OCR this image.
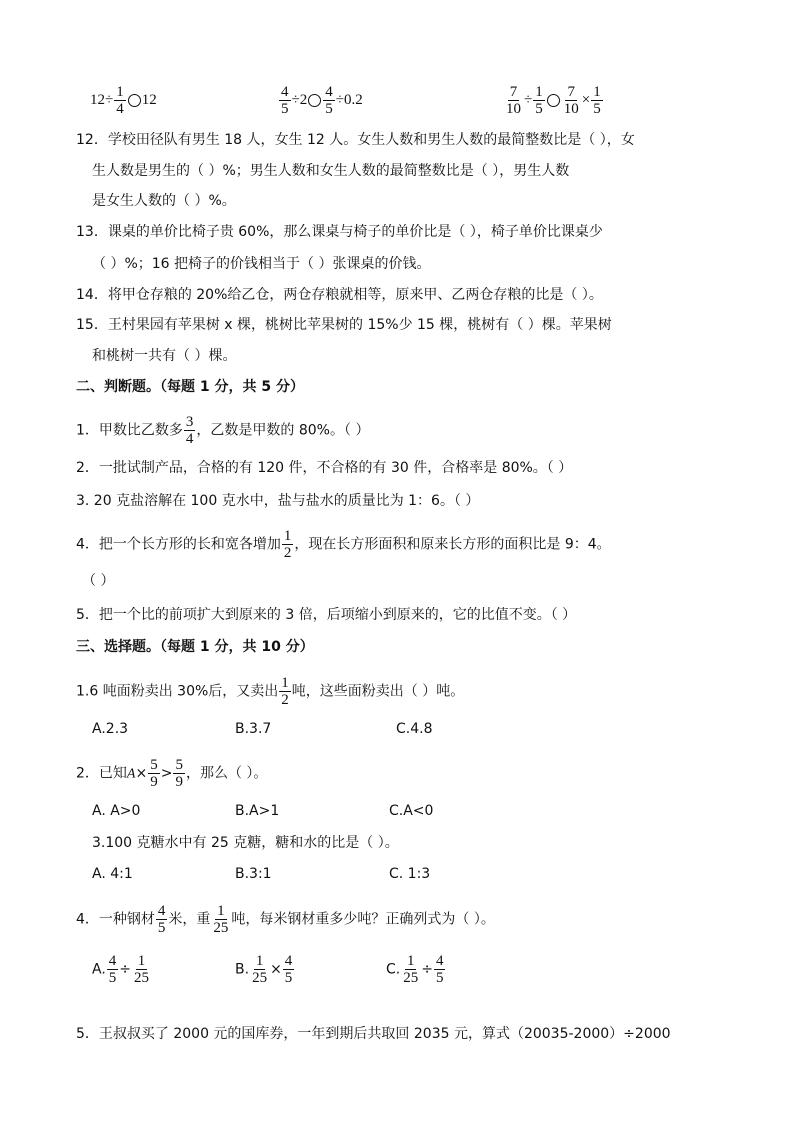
$12\div \frac{1}{4} 12$	$\frac{4}{5} \div 2 \frac{4}{5} \div 0.2$	$\frac{7}{10} \div \frac{1}{5} \frac{7}{10} \times \frac{1}{5}$
12．学校田径队有男生 18 人，女生 12 人。女生人数和男生人数的最简整数比是（ ），女
生人数是男生的（ ）%；男生人数和女生人数的最简整数比是（ ），男生人数
是女生人数的（ ）%。
13．课桌的单价比椅子贵 60%，那么课桌与椅子的单价比是（ ），椅子单价比课桌少
（ ）%；16 把椅子的价钱相当于（ ）张课桌的价钱。
14．将甲仓存粮的 20%给乙仓，两仓存粮就相等，原来甲、乙两仓存粮的比是（ ）。
15．王村果园有苹果树 x 棵，桃树比苹果树的 15%少 15 棵，桃树有（ ）棵。苹果树
和桃树一共有（ ）棵。
二、判断题。（每题 1 分，共 5 分）
1．甲数比乙数多 $\frac{3}{4}$ ，乙数是甲数的 80%。（ ）
2．一批试制产品，合格的有 120 件，不合格的有 30 件，合格率是 80%。（ ）
3. 20 克盐溶解在 100 克水中，盐与盐水的质量比为 1：6。（ ）
4．把一个长方形的长和宽各增加 $\frac{1}{2}$ ，现在长方形面积和原来长方形的面积比是 9：4。
（ ）
5．把一个比的前项扩大到原来的 3 倍，后项缩小到原来的，它的比值不变。（ ）
三、选择题。（每题 1 分，共 10 分）
1.6 吨面粉卖出 30%后，又卖出 $\frac{1}{2}$ 吨，这些面粉卖出（ ）吨。
A.2.3	B.3.7	C.4.8
2．已知$A\times \frac{5}{9} > \frac{5}{9}$ ，那么（ ）。
A. A>0	B.A>1	C.A<0
3.100 克糖水中有 25 克糖，糖和水的比是（ ）。
A. 4:1	B.3:1	C. 1:3
4．一种钢材 $\frac{4}{5}$ 米，重 $\frac{1}{25}$ 吨，每米钢材重多少吨？正确列式为（ ）。
A. $\frac{4}{5} \div \frac{1}{25}$	B. $\frac{1}{25} \times \frac{4}{5}$	C. $\frac{1}{25} \div \frac{4}{5}$
5．王叔叔买了 2000 元的国库券，一年到期后共取回 2035 元，算式（20035-2000）÷2000
